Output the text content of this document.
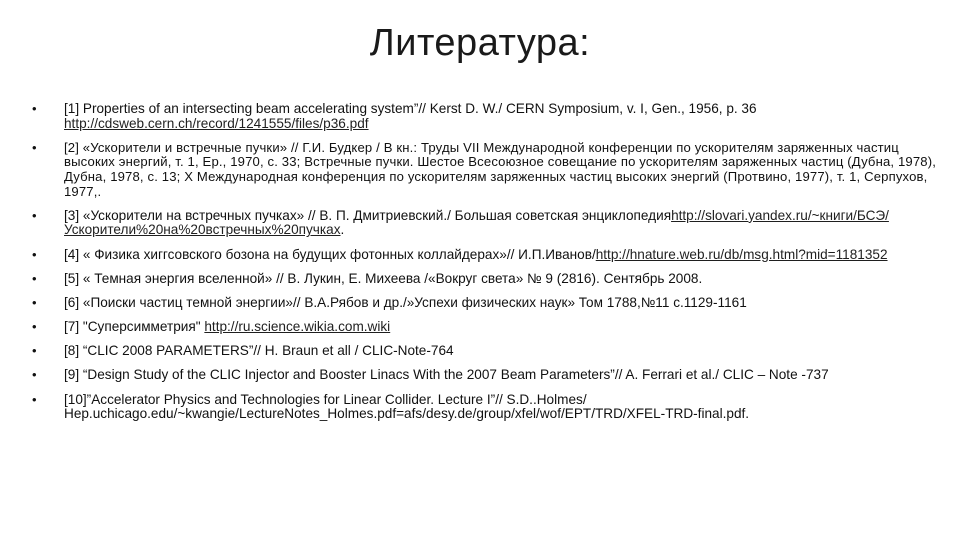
Литература:
• [1] Properties of an intersecting beam accelerating system”// Kerst D. W./ CERN Symposium, v. I, Gen., 1956, p. 36 http://cdsweb.cern.ch/record/1241555/files/p36.pdf
• [2] «Ускорители и встречные пучки» // Г.И. Будкер / В кн.: Труды VII Международной конференции по ускорителям заряженных частиц высоких энергий, т. 1, Ер., 1970, с. 33; Встречные пучки. Шестое Всесоюзное совещание по ускорителям заряженных частиц (Дубна, 1978), Дубна, 1978, с. 13; X Международная конференция по ускорителям заряженных частиц высоких энергий (Протвино, 1977), т. 1, Серпухов, 1977,.
• [3] «Ускорители на встречных пучках» // В. П. Дмитриевский./ Большая советская энциклопедияhttp://slovari.yandex.ru/~книги/БСЭ/Ускорители%20на%20встречных%20пучках.
• [4] « Физика хиггсовского бозона на будущих фотонных коллайдерах»// И.П.Иванов/http://hnature.web.ru/db/msg.html?mid=1181352
• [5] « Темная энергия вселенной» // В. Лукин, Е. Михеева /«Вокруг света» № 9 (2816). Сентябрь 2008.
• [6] «Поиски частиц темной энергии»// В.А.Рябов и др./»Успехи физических наук» Том 1788,№11 с.1129-1161
• [7] "Суперсимметрия" http://ru.science.wikia.com.wiki
• [8] “CLIC 2008 PARAMETERS”// H. Braun et all / CLIC-Note-764
• [9] “Design Study of the CLIC Injector and Booster Linacs With the 2007 Beam Parameters”// A. Ferrari et al./ CLIC – Note -737
• [10]”Accelerator Physics and Technologies for Linear Collider. Lecture I”// S.D..Holmes/ Hep.uchicago.edu/~kwangie/LectureNotes_Holmes.pdf=afs/desy.de/group/xfel/wof/EPT/TRD/XFEL-TRD-final.pdf.
